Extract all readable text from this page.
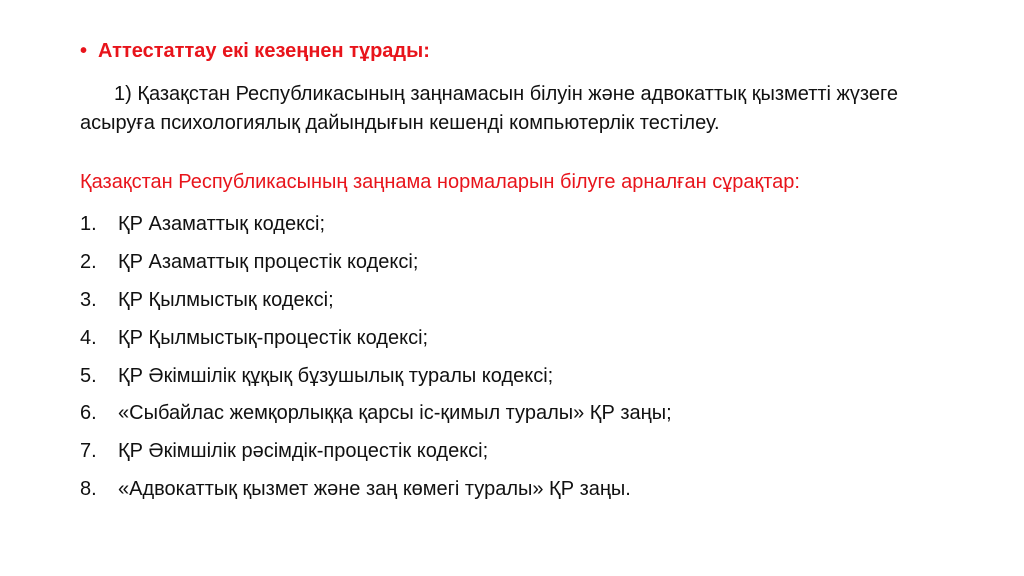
• Аттестаттау екі кезеңнен тұрады:
1) Қазақстан Республикасының заңнамасын білуін және адвокаттық қызметті жүзеге асыруға психологиялық дайындығын кешенді компьютерлік тестілеу.
Қазақстан Республикасының заңнама нормаларын білуге арналған сұрақтар:
1. ҚР Азаматтық кодексі;
2. ҚР Азаматтық процестік кодексі;
3. ҚР Қылмыстық кодексі;
4. ҚР Қылмыстық-процестік кодексі;
5. ҚР Әкімшілік құқық бұзушылық туралы кодексі;
6. «Сыбайлас жемқорлыққа қарсы іс-қимыл туралы» ҚР заңы;
7. ҚР Әкімшілік рәсімдік-процестік кодексі;
8. «Адвокаттық қызмет және заң көмегі туралы» ҚР заңы.
